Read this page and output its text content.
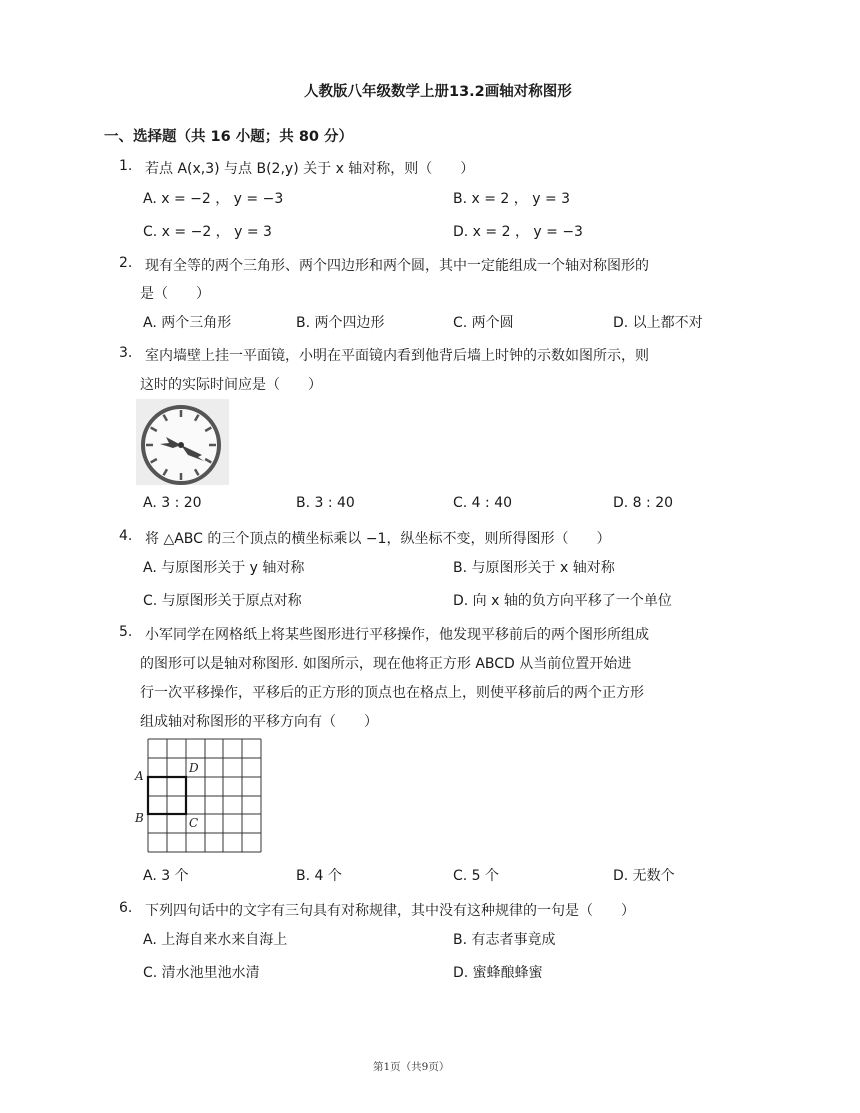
人教版八年级数学上册13.2画轴对称图形
一、选择题（共 16 小题；共 80 分）
1. 若点 A(x,3) 与点 B(2,y) 关于 x 轴对称，则（　　）
A. x = −2 ， y = −3	B. x = 2 ， y = 3
C. x = −2 ， y = 3	D. x = 2 ， y = −3
2. 现有全等的两个三角形、两个四边形和两个圆，其中一定能组成一个轴对称图形的
是（　　）
A. 两个三角形	B. 两个四边形	C. 两个圆	D. 以上都不对
3. 室内墙壁上挂一平面镜，小明在平面镜内看到他背后墙上时钟的示数如图所示，则
这时的实际时间应是（　　）
A. 3 : 20	B. 3 : 40	C. 4 : 40	D. 8 : 20
4. 将 △ABC 的三个顶点的横坐标乘以 −1，纵坐标不变，则所得图形（　　）
A. 与原图形关于 y 轴对称	B. 与原图形关于 x 轴对称
C. 与原图形关于原点对称	D. 向 x 轴的负方向平移了一个单位
5. 小军同学在网格纸上将某些图形进行平移操作，他发现平移前后的两个图形所组成
的图形可以是轴对称图形. 如图所示，现在他将正方形 ABCD 从当前位置开始进
行一次平移操作，平移后的正方形的顶点也在格点上，则使平移前后的两个正方形
组成轴对称图形的平移方向有（　　）
A
B	C
D
A. 3 个	B. 4 个	C. 5 个	D. 无数个
6. 下列四句话中的文字有三句具有对称规律，其中没有这种规律的一句是（　　）
A. 上海自来水来自海上	B. 有志者事竟成
C. 清水池里池水清	D. 蜜蜂酿蜂蜜
第1页（共9页）
